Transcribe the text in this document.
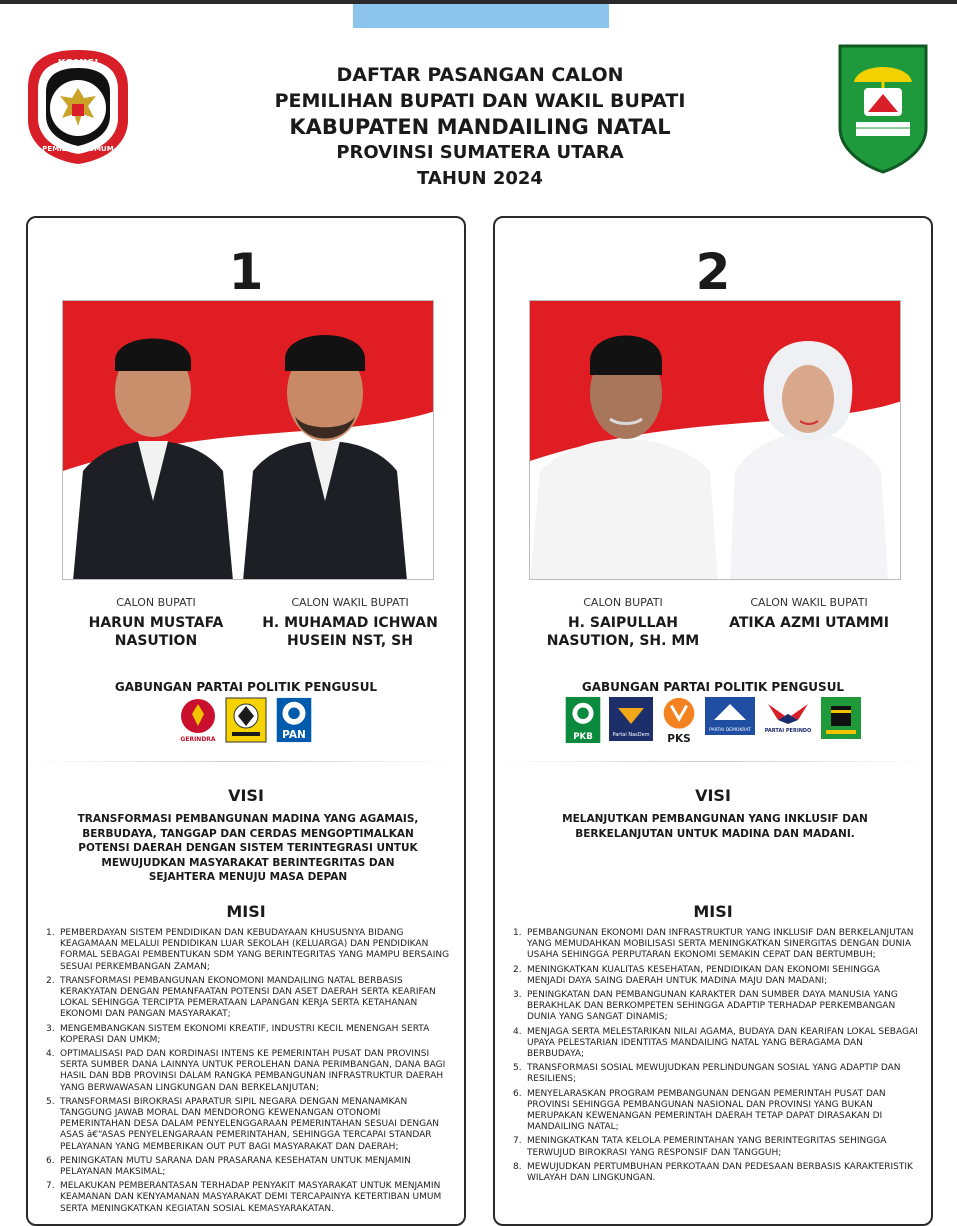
KOMISI
PEMILIHAN UMUM
DAFTAR PASANGAN CALON
PEMILIHAN BUPATI DAN WAKIL BUPATI
KABUPATEN MANDAILING NATAL
PROVINSI SUMATERA UTARA
TAHUN 2024
1
CALON BUPATI
HARUN MUSTAFA
NASUTION
CALON WAKIL BUPATI
H. MUHAMAD ICHWAN
HUSEIN NST, SH
GABUNGAN PARTAI POLITIK PENGUSUL
GERINDRA	PAN
VISI
TRANSFORMASI PEMBANGUNAN MADINA YANG AGAMAIS, BERBUDAYA, TANGGAP DAN CERDAS MENGOPTIMALKAN POTENSI DAERAH DENGAN SISTEM TERINTEGRASI UNTUK MEWUJUDKAN MASYARAKAT BERINTEGRITAS DAN SEJAHTERA MENUJU MASA DEPAN
MISI
1. PEMBERDAYAN SISTEM PENDIDIKAN DAN KEBUDAYAAN KHUSUSNYA BIDANG KEAGAMAAN MELALUI PENDIDIKAN LUAR SEKOLAH (KELUARGA) DAN PENDIDIKAN FORMAL SEBAGAI PEMBENTUKAN SDM YANG BERINTEGRITAS YANG MAMPU BERSAING SESUAI PERKEMBANGAN ZAMAN;
2. TRANSFORMASI PEMBANGUNAN EKONOMONI MANDAILING NATAL BERBASIS KERAKYATAN DENGAN PEMANFAATAN POTENSI DAN ASET DAERAH SERTA KEARIFAN LOKAL SEHINGGA TERCIPTA PEMERATAAN LAPANGAN KERJA SERTA KETAHANAN EKONOMI DAN PANGAN MASYARAKAT;
3. MENGEMBANGKAN SISTEM EKONOMI KREATIF, INDUSTRI KECIL MENENGAH SERTA KOPERASI DAN UMKM;
4. OPTIMALISASI PAD DAN KORDINASI INTENS KE PEMERINTAH PUSAT DAN PROVINSI SERTA SUMBER DANA LAINNYA UNTUK PEROLEHAN DANA PERIMBANGAN, DANA BAGI HASIL DAN BDB PROVINSI DALAM RANGKA PEMBANGUNAN INFRASTRUKTUR DAERAH YANG BERWAWASAN LINGKUNGAN DAN BERKELANJUTAN;
5. TRANSFORMASI BIROKRASI APARATUR SIPIL NEGARA DENGAN MENANAMKAN TANGGUNG JAWAB MORAL DAN MENDORONG KEWENANGAN OTONOMI PEMERINTAHAN DESA DALAM PENYELENGGARAAN PEMERINTAHAN SESUAI DENGAN ASAS â€“ASAS PENYELENGARAAN PEMERINTAHAN, SEHINGGA TERCAPAI STANDAR PELAYANAN YANG MEMBERIKAN OUT PUT BAGI MASYARAKAT DAN DAERAH;
6. PENINGKATAN MUTU SARANA DAN PRASARANA KESEHATAN UNTUK MENJAMIN PELAYANAN MAKSIMAL;
7. MELAKUKAN PEMBERANTASAN TERHADAP PENYAKIT MASYARAKAT UNTUK MENJAMIN KEAMANAN DAN KENYAMANAN MASYARAKAT DEMI TERCAPAINYA KETERTIBAN UMUM SERTA MENINGKATKAN KEGIATAN SOSIAL KEMASYARAKATAN.
2
CALON BUPATI
H. SAIPULLAH
NASUTION, SH. MM
CALON WAKIL BUPATI
ATIKA AZMI UTAMMI
GABUNGAN PARTAI POLITIK PENGUSUL
PKB	Partai NasDem PKS
PARTAI DEMOKRAT	PARTAI PERINDO
VISI
MELANJUTKAN PEMBANGUNAN YANG INKLUSIF DAN BERKELANJUTAN UNTUK MADINA DAN MADANI.
MISI
1. PEMBANGUNAN EKONOMI DAN INFRASTRUKTUR YANG INKLUSIF DAN BERKELANJUTAN YANG MEMUDAHKAN MOBILISASI SERTA MENINGKATKAN SINERGITAS DENGAN DUNIA USAHA SEHINGGA PERPUTARAN EKONOMI SEMAKIN CEPAT DAN BERTUMBUH;
2. MENINGKATKAN KUALITAS KESEHATAN, PENDIDIKAN DAN EKONOMI SEHINGGA MENJADI DAYA SAING DAERAH UNTUK MADINA MAJU DAN MADANI;
3. PENINGKATAN DAN PEMBANGUNAN KARAKTER DAN SUMBER DAYA MANUSIA YANG BERAKHLAK DAN BERKOMPETEN SEHINGGA ADAPTIP TERHADAP PERKEMBANGAN DUNIA YANG SANGAT DINAMIS;
4. MENJAGA SERTA MELESTARIKAN NILAI AGAMA, BUDAYA DAN KEARIFAN LOKAL SEBAGAI UPAYA PELESTARIAN IDENTITAS MANDAILING NATAL YANG BERAGAMA DAN BERBUDAYA;
5. TRANSFORMASI SOSIAL MEWUJUDKAN PERLINDUNGAN SOSIAL YANG ADAPTIP DAN RESILIENS;
6. MENYELARASKAN PROGRAM PEMBANGUNAN DENGAN PEMERINTAH PUSAT DAN PROVINSI SEHINGGA PEMBANGUNAN NASIONAL DAN PROVINSI YANG BUKAN MERUPAKAN KEWENANGAN PEMERINTAH DAERAH TETAP DAPAT DIRASAKAN DI MANDAILING NATAL;
7. MENINGKATKAN TATA KELOLA PEMERINTAHAN YANG BERINTEGRITAS SEHINGGA TERWUJUD BIROKRASI YANG RESPONSIF DAN TANGGUH;
8. MEWUJUDKAN PERTUMBUHAN PERKOTAAN DAN PEDESAAN BERBASIS KARAKTERISTIK WILAYAH DAN LINGKUNGAN.
